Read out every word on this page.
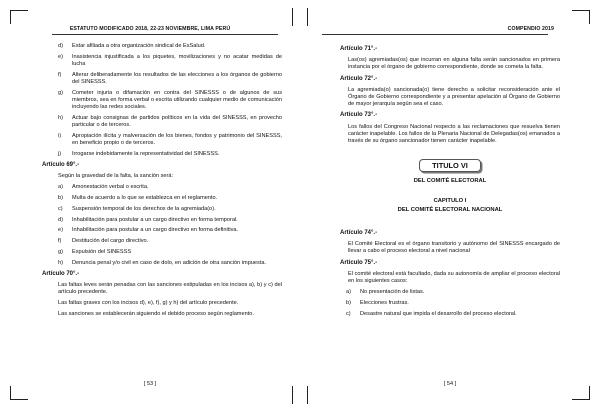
ESTATUTO MODIFICADO 2018, 22-23 NOVIEMBRE, LIMA PERÚ
d) Estar afiliada a otra organización sindical de EsSalud.
e) Inasistencia injustificada a los piquetes, movilizaciones y no acatar medidas de lucha
f) Alterar deliberadamente los resultados de las elecciones a los órganos de gobierno del SINESSS.
g) Cometer injuria o difamación en contra del SINESSS o de algunos de sus miembros, sea en forma verbal o escrita utilizando cualquier medio de comunicación incluyendo las redes sociales.
h) Actuar bajo consignas de partidos políticos en la vida del SINESSS, en provecho particular o de terceros.
i) Apropiación ilícita y malversación de los bienes, fondos y patrimonio del SINESSS, en beneficio propio o de terceros.
j) Irrogarse indebidamente la representatividad del SINESSS.
Artículo 69°.-
Según la gravedad de la falta, la sanción será:
a) Amonestación verbal o escrita.
b) Multa de acuerdo a lo que se establezca en el reglamento.
c) Suspensión temporal de los derechos de la agremiada(o).
d) Inhabilitación para postular a un cargo directivo en forma temporal.
e) Inhabilitación para postular a un cargo directivo en forma definitiva.
f) Destitución del cargo directivo.
g) Expulsión del SINESSS
h) Denuncia penal y/o civil en caso de dolo, en adición de otra sanción impuesta.
Artículo 70°.-
Las faltas leves serán penadas con las sanciones estipuladas en los incisos a), b) y c) del artículo precedente.
Las faltas graves con los incisos d), e), f), g) y h) del artículo precedente.
Las sanciones se establecerán siguiendo el debido proceso según reglamento.
[ 53 ]
COMPENDIO 2019
Artículo 71°.-
Las(os) agremiadas(os) que incurran en alguna falta serán sancionados en primera instancia por el órgano de gobierno correspondiente, donde se cometa la falta.
Artículo 72°.-
La agremiada(o) sancionada(o) tiene derecho a solicitar reconsideración ante el Órgano de Gobierno correspondiente y a presentar apelación al Órgano de Gobierno de mayor jerarquía según sea el caso.
Artículo 73°.-
Los fallos del Congreso Nacional respecto a las reclamaciones que resuelva tienen carácter inapelable. Los fallos de la Plenaria Nacional de Delegadas(os) emanados a través de su órgano sancionador tienen carácter inapelable.
TITULO VI
DEL COMITÉ ELECTORAL
CAPITULO I
DEL COMITÉ ELECTORAL NACIONAL
Artículo 74°.-
El Comité Electoral es el órgano transitorio y autónomo del SINESSS encargado de llevar a cabo el proceso electoral a nivel nacional
Artículo 75°.-
El comité electoral está facultado, dada su autonomía de ampliar el proceso electoral en los siguientes casos:
a) No presentación de listas.
b) Elecciones frustras.
c) Desastre natural que impida el desarrollo del proceso electoral.
[ 54 ]
